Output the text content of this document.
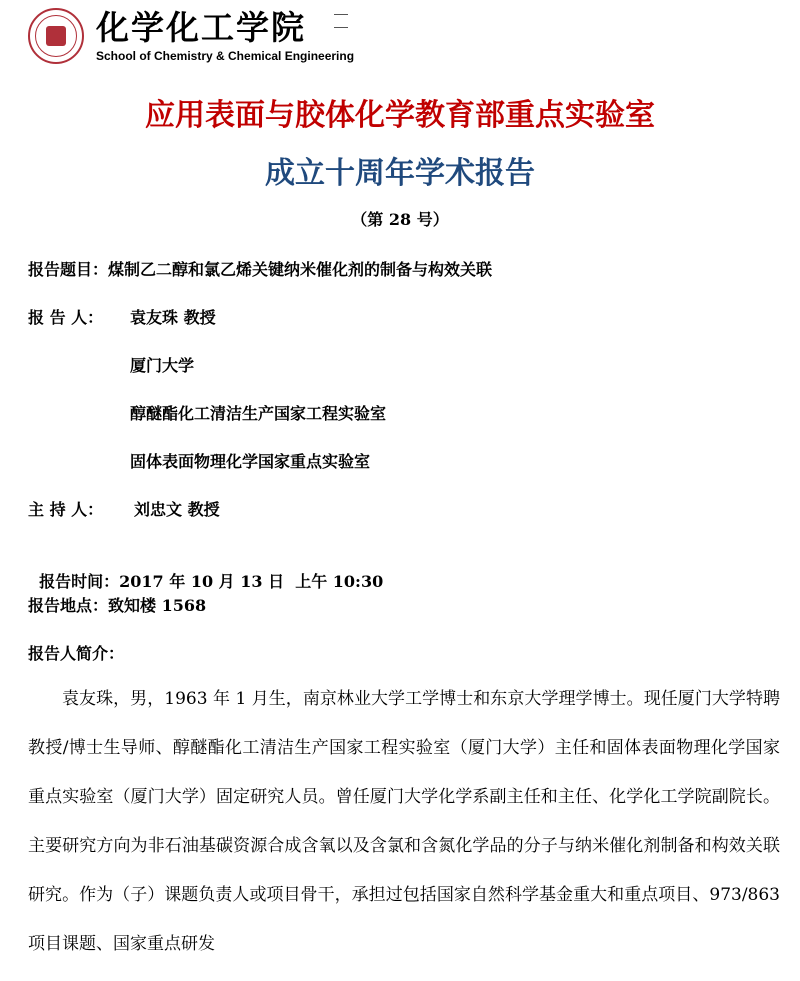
化学化工学院
School of Chemistry & Chemical Engineering
应用表面与胶体化学教育部重点实验室
成立十周年学术报告
（第 28 号）
报告题目：煤制乙二醇和氯乙烯关键纳米催化剂的制备与构效关联
报 告 人： 袁友珠 教授
厦门大学
醇醚酯化工清洁生产国家工程实验室
固体表面物理化学国家重点实验室
主 持 人： 刘忠文 教授

报告时间：2017 年 10 月 13 日  上午 10:30

报告地点：致知楼 1568
报告人简介：
袁友珠，男，1963 年 1 月生，南京林业大学工学博士和东京大学理学博士。现任厦门大学特聘教授/博士生导师、醇醚酯化工清洁生产国家工程实验室（厦门大学）主任和固体表面物理化学国家重点实验室（厦门大学）固定研究人员。曾任厦门大学化学系副主任和主任、化学化工学院副院长。主要研究方向为非石油基碳资源合成含氧以及含氯和含氮化学品的分子与纳米催化剂制备和构效关联研究。作为（子）课题负责人或项目骨干，承担过包括国家自然科学基金重大和重点项目、973/863 项目课题、国家重点研发
